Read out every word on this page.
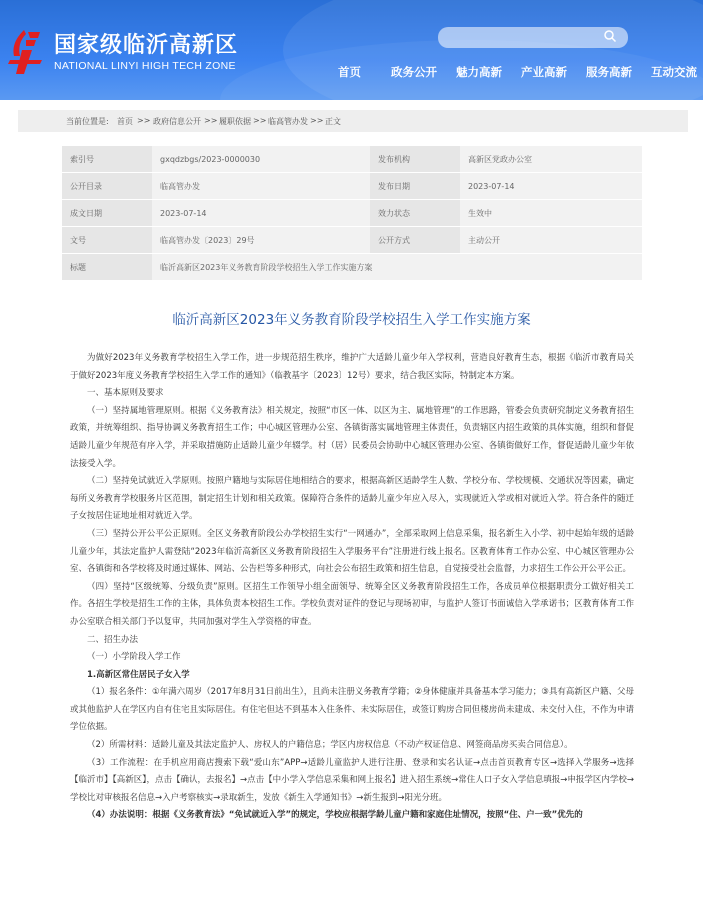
国家级临沂高新区
NATIONAL LINYI HIGH TECH ZONE	首页	政务公开 魅力高新 产业高新 服务高新 互动交流
当前位置是: 首页 >> 政府信息公开 >> 履职依据 >> 临高管办发 >> 正文
索引号	gxqdzbgs/2023-0000030	发布机构	高新区党政办公室
公开目录	临高管办发	发布日期	2023-07-14
成文日期	2023-07-14	效力状态	生效中
文号	临高管办发〔2023〕29号	公开方式	主动公开
标题	临沂高新区2023年义务教育阶段学校招生入学工作实施方案		
临沂高新区2023年义务教育阶段学校招生入学工作实施方案

为做好2023年义务教育学校招生入学工作，进一步规范招生秩序，维护广大适龄儿童少年入学权利，营造良好教育生态，根据《临沂市教育局关于做好2023年度义务教育学校招生入学工作的通知》（临教基字〔2023〕12号）要求，结合我区实际，特制定本方案。

一、基本原则及要求

（一）坚持属地管理原则。根据《义务教育法》相关规定，按照“市区一体、以区为主、属地管理”的工作思路，管委会负责研究制定义务教育招生政策，并统筹组织、指导协调义务教育招生工作；中心城区管理办公室、各镇街落实属地管理主体责任，负责辖区内招生政策的具体实施，组织和督促适龄儿童少年规范有序入学，并采取措施防止适龄儿童少年辍学。村（居）民委员会协助中心城区管理办公室、各镇街做好工作，督促适龄儿童少年依法接受入学。

（二）坚持免试就近入学原则。按照户籍地与实际居住地相结合的要求，根据高新区适龄学生人数、学校分布、学校规模、交通状况等因素，确定每所义务教育学校服务片区范围，制定招生计划和相关政策。保障符合条件的适龄儿童少年应入尽入，实现就近入学或相对就近入学。符合条件的随迁子女按居住证地址相对就近入学。

（三）坚持公开公平公正原则。全区义务教育阶段公办学校招生实行“一网通办”，全部采取网上信息采集，报名新生入小学、初中起始年级的适龄儿童少年，其法定监护人需登陆“2023年临沂高新区义务教育阶段招生入学服务平台”注册进行线上报名。区教育体育工作办公室、中心城区管理办公室、各镇街和各学校将及时通过媒体、网站、公告栏等多种形式，向社会公布招生政策和招生信息，自觉接受社会监督，力求招生工作公开公平公正。

（四）坚持“区级统筹、分级负责”原则。区招生工作领导小组全面领导、统筹全区义务教育阶段招生工作，各成员单位根据职责分工做好相关工作。各招生学校是招生工作的主体，具体负责本校招生工作。学校负责对证件的登记与现场初审，与监护人签订书面诚信入学承诺书；区教育体育工作办公室联合相关部门予以复审，共同加强对学生入学资格的审查。

二、招生办法

（一）小学阶段入学工作

1.高新区常住居民子女入学

（1）报名条件：①年满六周岁（2017年8月31日前出生），且尚未注册义务教育学籍；②身体健康并具备基本学习能力；③具有高新区户籍、父母或其他监护人在学区内自有住宅且实际居住。有住宅但达不到基本入住条件、未实际居住，或签订购房合同但楼房尚未建成、未交付入住，不作为申请学位依据。

（2）所需材料：适龄儿童及其法定监护人、房权人的户籍信息；学区内房权信息（不动产权证信息、网签商品房买卖合同信息）。

（3）工作流程：在手机应用商店搜索下载“爱山东”APP→适龄儿童监护人进行注册、登录和实名认证→点击首页教育专区→选择入学服务→选择【临沂市】【高新区】，点击【确认，去报名】→点击【中小学入学信息采集和网上报名】进入招生系统→常住人口子女入学信息填报→申报学区内学校→学校比对审核报名信息→入户考察核实→录取新生，发放《新生入学通知书》→新生报到→阳光分班。

（4）办法说明：根据《义务教育法》“免试就近入学”的规定，学校应根据学龄儿童户籍和家庭住址情况，按照“住、户一致”优先的
